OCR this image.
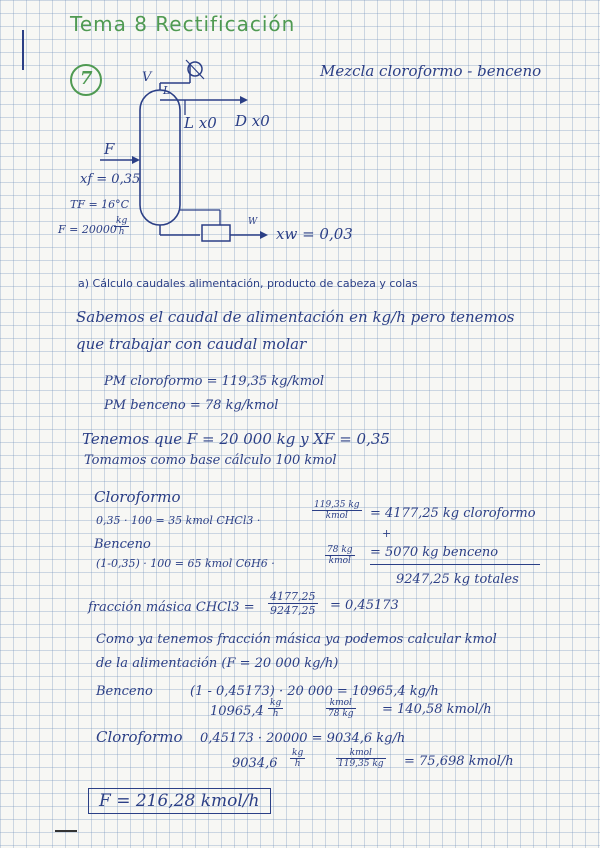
Tema 8 Rectificación
7	Mezcla cloroformo - benceno
V
L
L x0 D x0
F
xf = 0,35
TF = 16°C
F = 20000
$\frac{kg}{h}$	W
xw = 0,03
a) Cálculo caudales alimentación, producto de cabeza y colas
Sabemos el caudal de alimentación en kg/h pero tenemos
que trabajar con caudal molar
PM cloroformo = 119,35 kg/kmol
PM benceno = 78 kg/kmol
Tenemos que F = 20 000 kg y XF = 0,35
Tomamos como base cálculo 100 kmol
Cloroformo
0,35 · 100 = 35 kmol CHCl3 ·
119,35 kg
kmol	= 4177,25 kg cloroformo
+
Benceno
(1-0,35) · 100 = 65 kmol C6H6 ·
78 kg
kmol
= 5070 kg benceno
9247,25 kg totales
fracción másica CHCl3 = $\frac{4177,25}{9247,25} = 0,45173$
Como ya tenemos fracción másica ya podemos calcular kmol
de la alimentación (F = 20 000 kg/h)
Benceno	(1 - 0,45173) · 20 000 = 10965,4 kg/h
$10965,4 \frac{kg}{h}$	kmol
78 kg = 140,58 kmol/h
Cloroformo 0,45173 · 20000 = 9034,6 kg/h
$9034,6 \frac{kg}{h}$	kmol
119,35 kg = 75,698 kmol/h
F = 216,28 kmol/h
